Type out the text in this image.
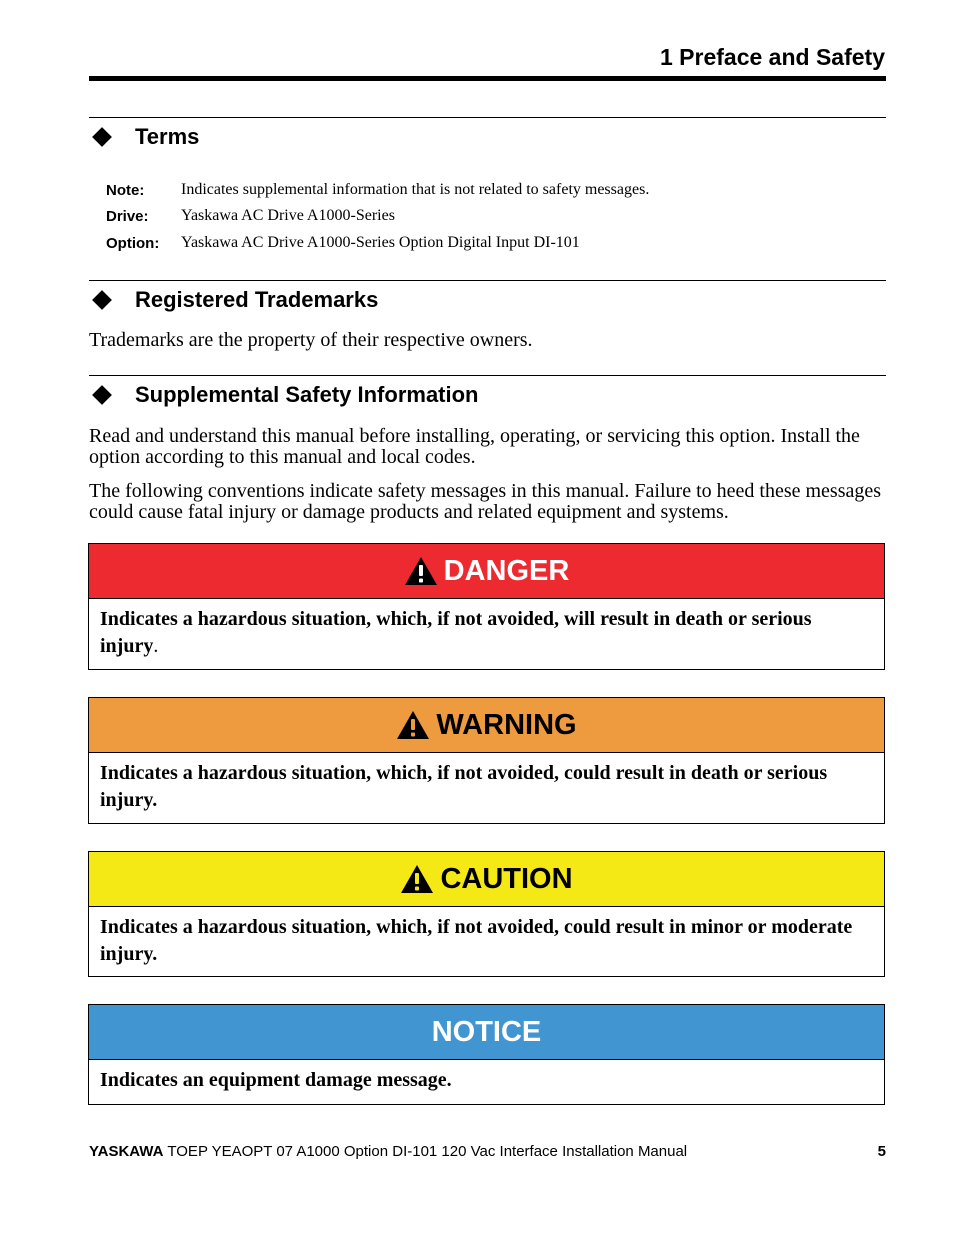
1 Preface and Safety
Terms
Note:	Indicates supplemental information that is not related to safety messages.
Drive:	Yaskawa AC Drive A1000-Series
Option:	Yaskawa AC Drive A1000-Series Option Digital Input DI-101
Registered Trademarks
Trademarks are the property of their respective owners.
Supplemental Safety Information
Read and understand this manual before installing, operating, or servicing this option. Install the option according to this manual and local codes.
The following conventions indicate safety messages in this manual. Failure to heed these messages could cause fatal injury or damage products and related equipment and systems.
DANGER
Indicates a hazardous situation, which, if not avoided, will result in death or serious injury.
WARNING
Indicates a hazardous situation, which, if not avoided, could result in death or serious injury.
CAUTION
Indicates a hazardous situation, which, if not avoided, could result in minor or moderate injury.
NOTICE
Indicates an equipment damage message.
YASKAWA TOEP YEAOPT 07 A1000 Option DI-101 120 Vac Interface Installation Manual	5
